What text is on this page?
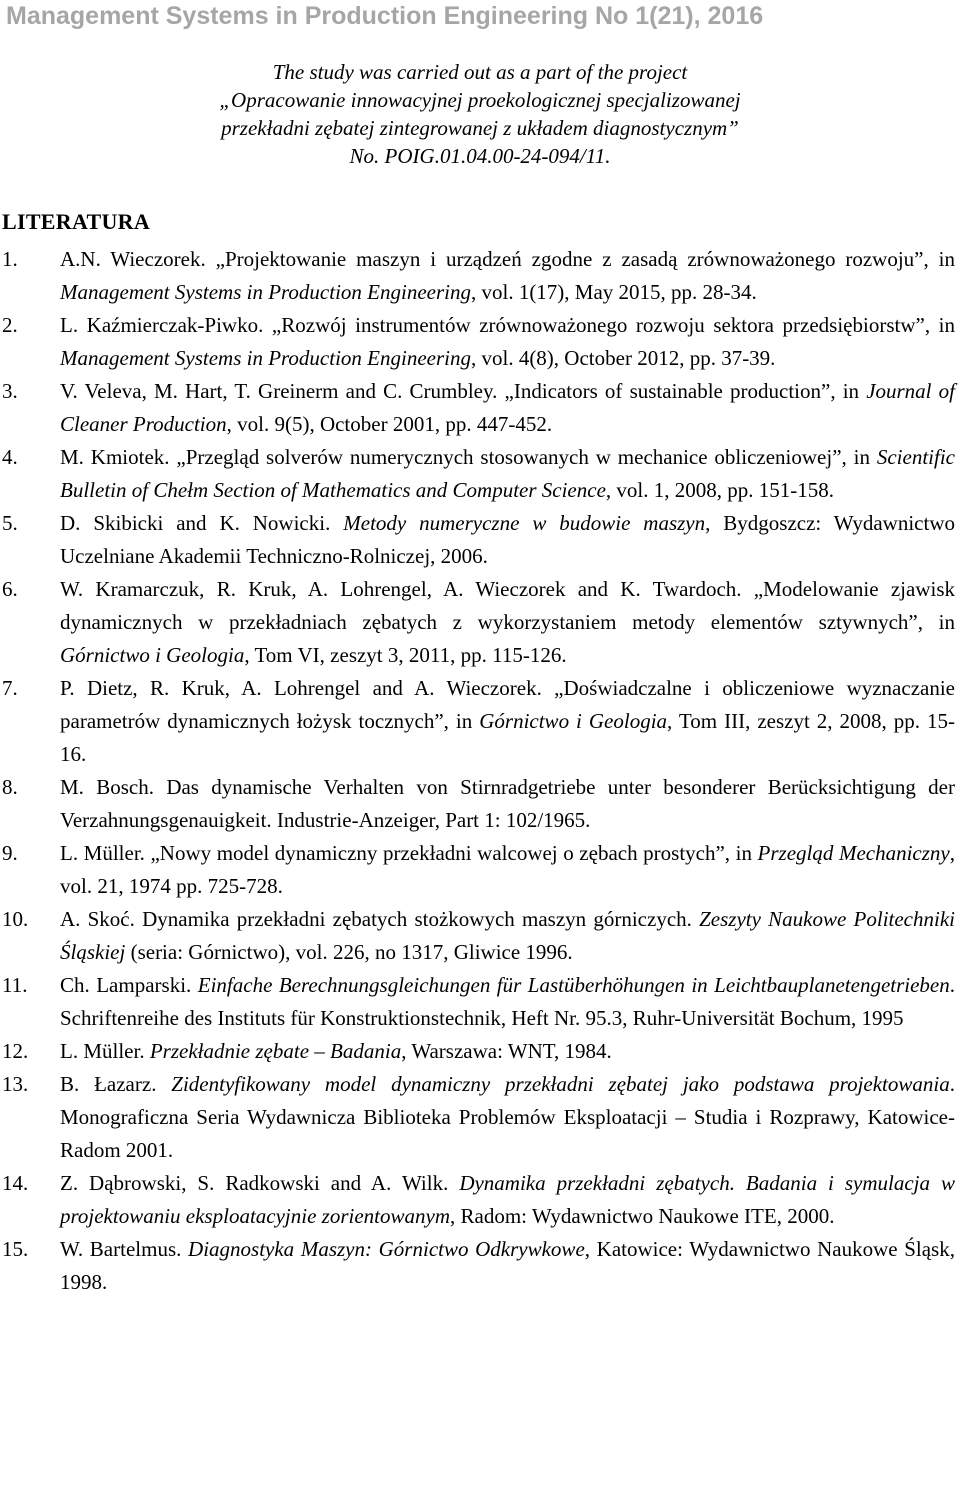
Management Systems in Production Engineering No 1(21), 2016
The study was carried out as a part of the project
„Opracowanie innowacyjnej proekologicznej specjalizowanej
przekładni zębatej zintegrowanej z układem diagnostycznym”
No. POIG.01.04.00-24-094/11.
LITERATURA
1. A.N. Wieczorek. „Projektowanie maszyn i urządzeń zgodne z zasadą zrównoważonego rozwoju”, in Management Systems in Production Engineering, vol. 1(17), May 2015, pp. 28-34.
2. L. Kaźmierczak-Piwko. „Rozwój instrumentów zrównoważonego rozwoju sektora przedsiębiorstw”, in Management Systems in Production Engineering, vol. 4(8), October 2012, pp. 37-39.
3. V. Veleva, M. Hart, T. Greinerm and C. Crumbley. „Indicators of sustainable production”, in Journal of Cleaner Production, vol. 9(5), October 2001, pp. 447-452.
4. M. Kmiotek. „Przegląd solverów numerycznych stosowanych w mechanice obliczeniowej”, in Scientific Bulletin of Chełm Section of Mathematics and Computer Science, vol. 1, 2008, pp. 151-158.
5. D. Skibicki and K. Nowicki. Metody numeryczne w budowie maszyn, Bydgoszcz: Wydawnictwo Uczelniane Akademii Techniczno-Rolniczej, 2006.
6. W. Kramarczuk, R. Kruk, A. Lohrengel, A. Wieczorek and K. Twardoch. „Modelowanie zjawisk dynamicznych w przekładniach zębatych z wykorzystaniem metody elementów sztywnych”, in Górnictwo i Geologia, Tom VI, zeszyt 3, 2011, pp. 115-126.
7. P. Dietz, R. Kruk, A. Lohrengel and A. Wieczorek. „Doświadczalne i obliczeniowe wyznaczanie parametrów dynamicznych łożysk tocznych”, in Górnictwo i Geologia, Tom III, zeszyt 2, 2008, pp. 15-16.
8. M. Bosch. Das dynamische Verhalten von Stirnradgetriebe unter besonderer Berücksichtigung der Verzahnungsgenauigkeit. Industrie-Anzeiger, Part 1: 102/1965.
9. L. Müller. „Nowy model dynamiczny przekładni walcowej o zębach prostych”, in Przegląd Mechaniczny, vol. 21, 1974 pp. 725-728.
10. A. Skoć. Dynamika przekładni zębatych stożkowych maszyn górniczych. Zeszyty Naukowe Politechniki Śląskiej (seria: Górnictwo), vol. 226, no 1317, Gliwice 1996.
11. Ch. Lamparski. Einfache Berechnungsgleichungen für Lastüberhöhungen in Leichtbauplanetengetrieben. Schriftenreihe des Instituts für Konstruktionstechnik, Heft Nr. 95.3, Ruhr-Universität Bochum, 1995
12. L. Müller. Przekładnie zębate – Badania, Warszawa: WNT, 1984.
13. B. Łazarz. Zidentyfikowany model dynamiczny przekładni zębatej jako podstawa projektowania. Monograficzna Seria Wydawnicza Biblioteka Problemów Eksploatacji – Studia i Rozprawy, Katowice-Radom 2001.
14. Z. Dąbrowski, S. Radkowski and A. Wilk. Dynamika przekładni zębatych. Badania i symulacja w projektowaniu eksploatacyjnie zorientowanym, Radom: Wydawnictwo Naukowe ITE, 2000.
15. W. Bartelmus. Diagnostyka Maszyn: Górnictwo Odkrywkowe, Katowice: Wydawnictwo Naukowe Śląsk, 1998.
